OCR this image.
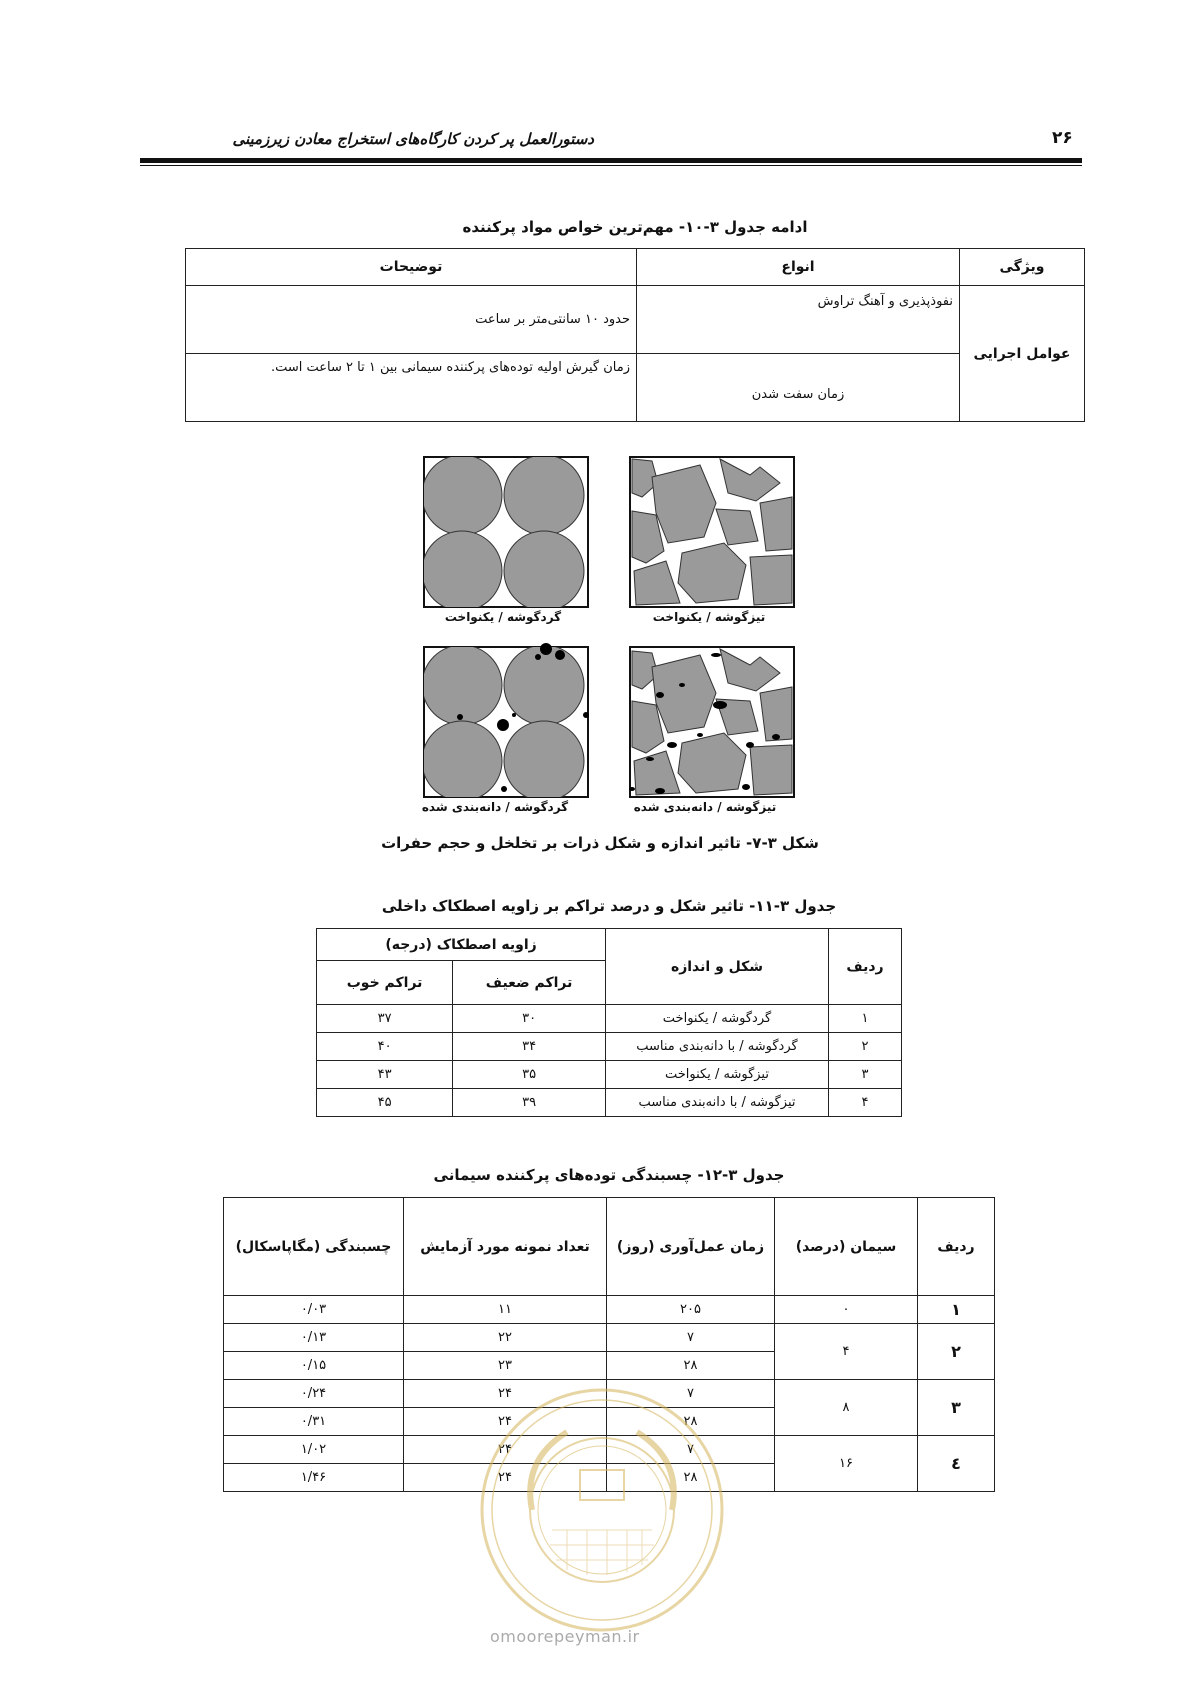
دستورالعمل پر کردن کارگاه‌های استخراج معادن زیرزمینی	۲۶
ادامه جدول ۳-۱۰- مهم‌ترین خواص مواد پرکننده
ویژگی	انواع	توضیحات
عوامل اجرایی	نفوذپذیری و آهنگ تراوش	حدود ۱۰ سانتی‌متر بر ساعت
	زمان سفت شدن	زمان گیرش اولیه توده‌های پرکننده سیمانی بین ۱ تا ۲ ساعت است.
گردگوشه / یکنواخت	تیزگوشه / یکنواخت
گردگوشه / دانه‌بندی شده	تیزگوشه / دانه‌بندی شده
شکل ۳-۷- تاثیر اندازه و شکل ذرات بر تخلخل و حجم حفرات
جدول ۳-۱۱- تاثیر شکل و درصد تراکم بر زاویه اصطکاک داخلی
ردیف	شکل و اندازه	زاویه اصطکاک (درجه)	
		تراکم ضعیف	تراکم خوب
۱	گردگوشه / یکنواخت	۳۰	۳۷
۲	گردگوشه / با دانه‌بندی مناسب	۳۴	۴۰
۳	تیزگوشه / یکنواخت	۳۵	۴۳
۴	تیزگوشه / با دانه‌بندی مناسب	۳۹	۴۵
جدول ۳-۱۲- چسبندگی توده‌های پرکننده سیمانی
ردیف	سیمان (درصد)	زمان عمل‌آوری (روز)	تعداد نمونه مورد آزمایش	چسبندگی (مگاپاسکال)
۱	۰	۲۰۵	۱۱	۰/۰۳
۲	۴	۷	۲۲	۰/۱۳
		۲۸	۲۳	۰/۱۵
۳	۸	۷	۲۴	۰/۲۴
		۲۸	۲۴	۰/۳۱
٤	۱۶	۷	۲۴	۱/۰۲
		۲۸	۲۴	۱/۴۶
omoorepeyman.ir
